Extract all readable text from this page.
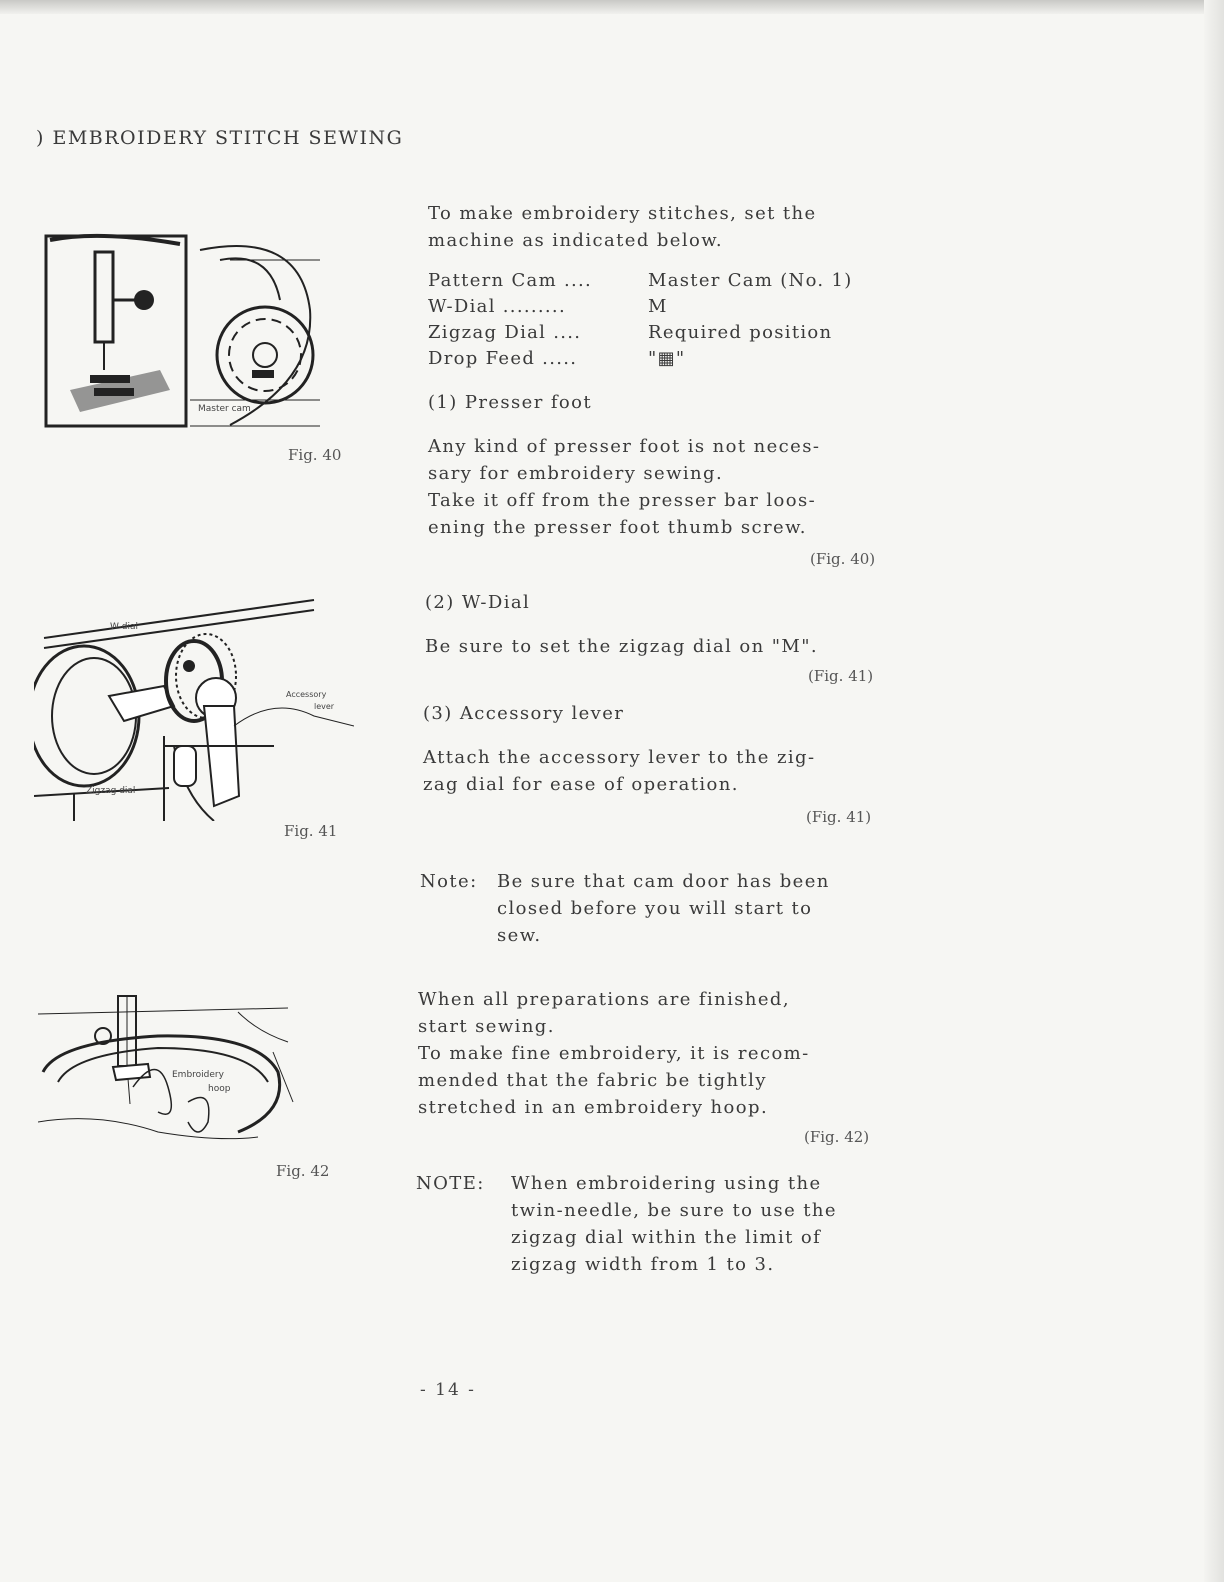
) EMBROIDERY STITCH SEWING

To make embroidery stitches, set the

machine as indicated below.

Pattern Cam ....	Master Cam (No. 1)
W-Dial .........	M
Zigzag Dial ....	Required position
Drop Feed .....	"▦"
(1) Presser foot

Any kind of presser foot is not neces-

sary for embroidery sewing.

Take it off from the presser bar loos-

ening the presser foot thumb screw.

(Fig. 40)
(2) W-Dial

Be sure to set the zigzag dial on "M".

(Fig. 41)
(3) Accessory lever

Attach the accessory lever to the zig-

zag dial for ease of operation.

(Fig. 41)
Note: Be sure that cam door has been
closed before you will start to
sew.

When all preparations are finished,

start sewing.

To make fine embroidery, it is recom-

mended that the fabric be tightly

stretched in an embroidery hoop.

(Fig. 42)
NOTE: When embroidering using the
twin-needle, be sure to use the
zigzag dial within the limit of
zigzag width from 1 to 3.
Master cam
Fig. 40
W-dial
Accessory
lever
Zigzag dial
Fig. 41
Embroidery
hoop
Fig. 42
- 14 -
